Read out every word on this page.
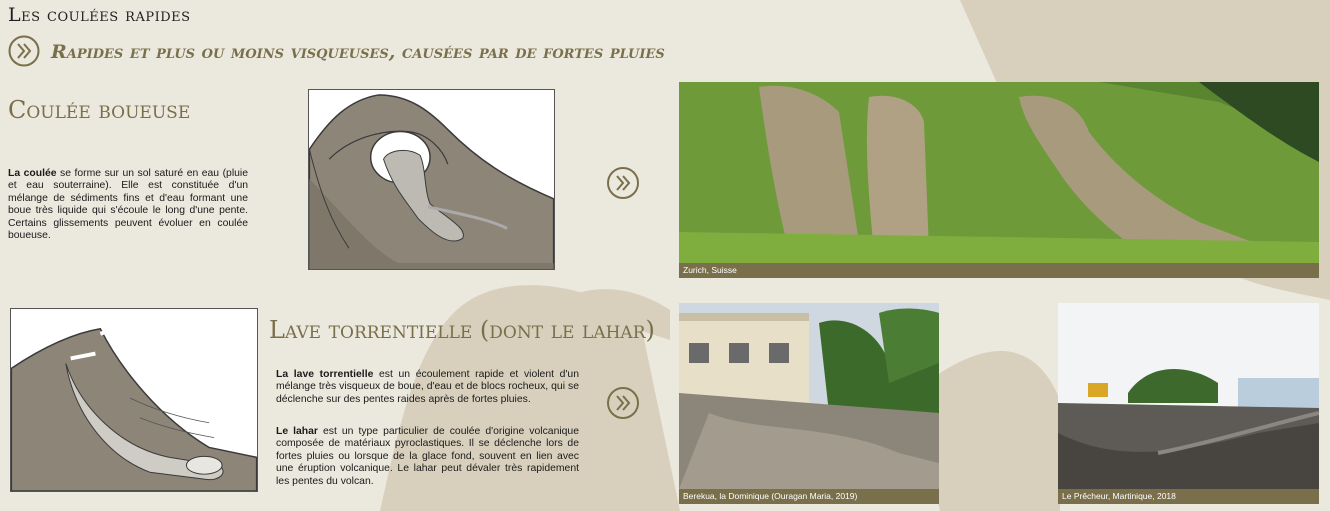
Les coulées rapides
Rapides et plus ou moins visqueuses, causées par de fortes pluies
Coulée boueuse
La coulée se forme sur un sol saturé en eau (pluie et eau souterraine). Elle est constituée d'un mélange de sédiments fins et d'eau formant une boue très liquide qui s'écoule le long d'une pente. Certains glissements peuvent évoluer en coulée boueuse.
Zurich, Suisse
Lave torrentielle (dont le lahar)
La lave torrentielle est un écoulement rapide et violent d'un mélange très visqueux de boue, d'eau et de blocs rocheux, qui se déclenche sur des pentes raides après de fortes pluies.
Le lahar est un type particulier de coulée d'origine volcanique composée de matériaux pyroclastiques. Il se déclenche lors de fortes pluies ou lorsque de la glace fond, souvent en lien avec une éruption volcanique. Le lahar peut dévaler très rapidement les pentes du volcan.
Berekua, la Dominique (Ouragan Maria, 2019)	Le Prêcheur, Martinique, 2018
